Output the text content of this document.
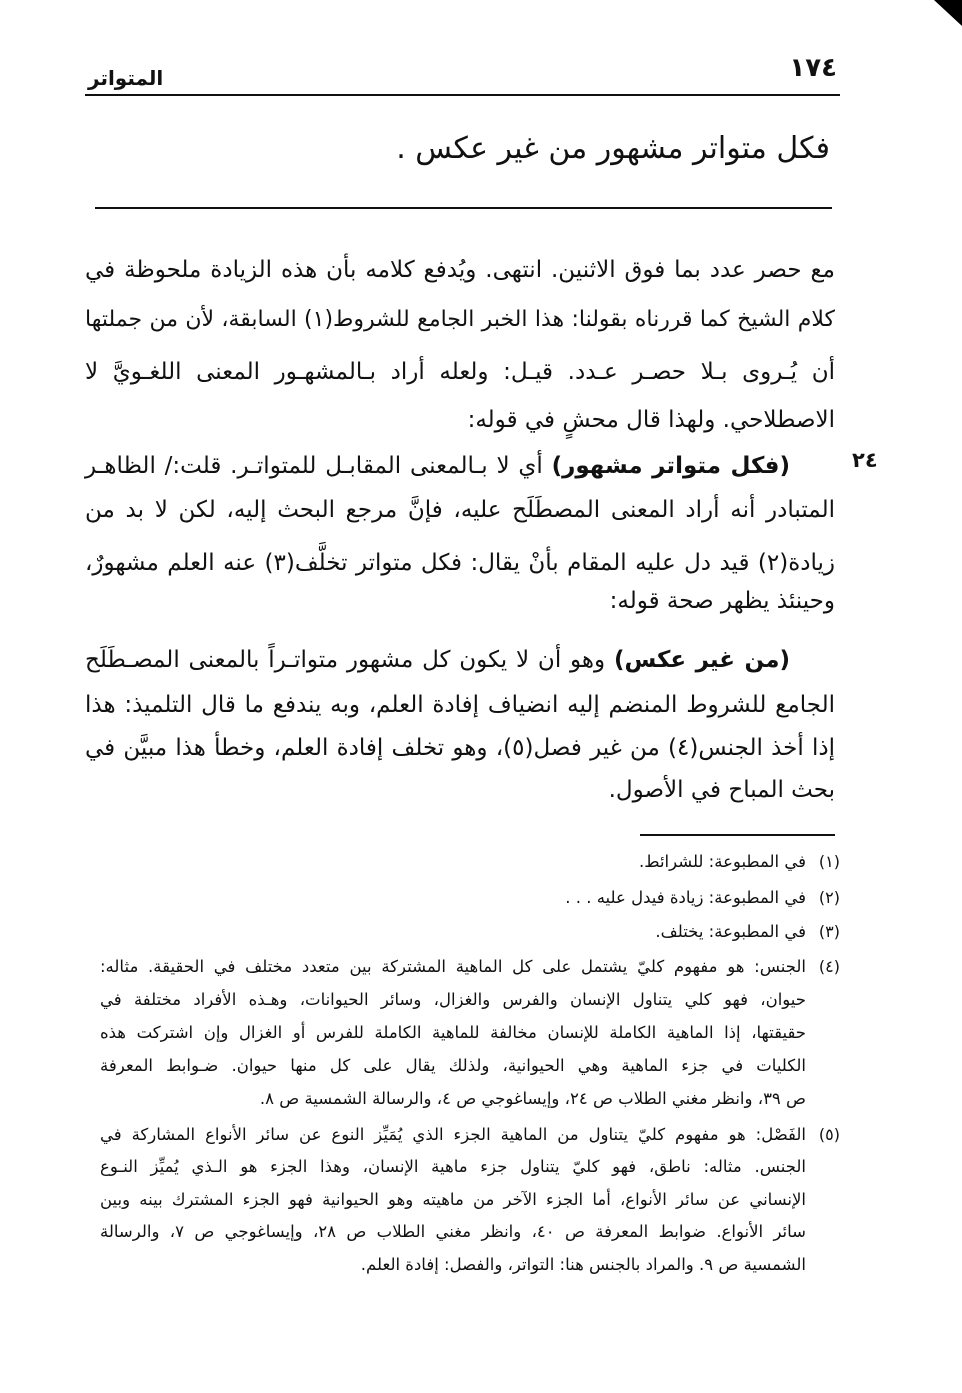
١٧٤
المتواتر
فكل متواتر مشهور من غير عكس .
٢٤
مع حصر عدد بما فوق الاثنين. انتهى. ويُدفع كلامه بأن هذه الزيادة ملحوظة في
كلام الشيخ كما قررناه بقولنا: هذا الخبر الجامع للشروط(١) السابقة، لأن من جملتها
أن يُـروى بـلا حصـر عـدد. قيـل: ولعله أراد بـالمشهـور المعنى اللغـويَّ لا
الاصطلاحي. ولهذا قال محشٍ في قوله:
(فكل متواتر مشهور) أي لا بـالمعنى المقابـل للمتواتـر. قلت:/ الظاهـر
المتبادر أنه أراد المعنى المصطَلَح عليه، فإنَّ مرجع البحث إليه، لكن لا بد من
زيادة(٢) قيد دل عليه المقام بأنْ يقال: فكل متواتر تخلَّف(٣) عنه العلم مشهورٌ،
وحينئذ يظهر صحة قوله:
(من غير عكس) وهو أن لا يكون كل مشهور متواتـراً بالمعنى المصـطَلَح
الجامع للشروط المنضم إليه انضياف إفادة العلم، وبه يندفع ما قال التلميذ: هذا
إذا أخذ الجنس(٤) من غير فصل(٥)، وهو تخلف إفادة العلم، وخطأ هذا مبيَّن في
بحث المباح في الأصول.
(١)
في المطبوعة: للشرائط.
(٢)
في المطبوعة: زيادة فيدل عليه . . .
(٣)
في المطبوعة: يختلف.
(٤)
الجنس: هو مفهوم كليّ يشتمل على كل الماهية المشتركة بين متعدد مختلف في الحقيقة. مثاله:
حيوان، فهو كلي يتناول الإنسان والفرس والغزال، وسائر الحيوانات، وهـذه الأفراد مختلفة في
حقيقتها، إذا الماهية الكاملة للإنسان مخالفة للماهية الكاملة للفرس أو الغزال وإن اشتركت هذه
الكليات في جزء الماهية وهي الحيوانية، ولذلك يقال على كل منها حيوان. ضـوابط المعرفة
ص ٣٩، وانظر مغني الطلاب ص ٢٤، وإيساغوجي ص ٤، والرسالة الشمسية ص ٨.
(٥)
الفَصْل: هو مفهوم كليّ يتناول من الماهية الجزء الذي يُمَيِّز النوع عن سائر الأنواع المشاركة في
الجنس. مثاله: ناطق، فهو كليّ يتناول جزء ماهية الإنسان، وهذا الجزء هو الـذي يُميِّز النـوع
الإنساني عن سائر الأنواع، أما الجزء الآخر من ماهيته وهو الحيوانية فهو الجزء المشترك بينه وبين
سائر الأنواع. ضوابط المعرفة ص ٤٠، وانظر مغني الطلاب ص ٢٨، وإيساغوجي ص ٧، والرسالة
الشمسية ص ٩. والمراد بالجنس هنا: التواتر، والفصل: إفادة العلم.
